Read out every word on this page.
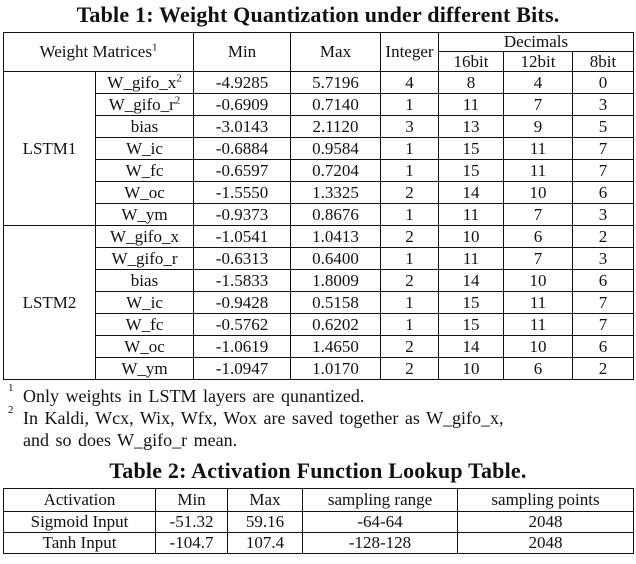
Table 1: Weight Quantization under different Bits.

Weight Matrices$^1$		Min	Max	Integer	Decimals		
					16bit	12bit	8bit
LSTM1	$W\_gifo\_x^2$	-4.9285	5.7196	4	8	4	0
	$W\_gifo\_r^2$	-0.6909	0.7140	1	11	7	3
	bias	-3.0143	2.1120	3	13	9	5
	W_ic	-0.6884	0.9584	1	15	11	7
	W_fc	-0.6597	0.7204	1	15	11	7
	W_oc	-1.5550	1.3325	2	14	10	6
	W_ym	-0.9373	0.8676	1	11	7	3
LSTM2	W_gifo_x	-1.0541	1.0413	2	10	6	2
	W_gifo_r	-0.6313	0.6400	1	11	7	3
	bias	-1.5833	1.8009	2	14	10	6
	W_ic	-0.9428	0.5158	1	15	11	7
	W_fc	-0.5762	0.6202	1	15	11	7
	W_oc	-1.0619	1.4650	2	14	10	6
	W_ym	-1.0947	1.0170	2	10	6	2

1 Only weights in LSTM layers are qunantized.

2 In Kaldi, Wcx, Wix, Wfx, Wox are saved together as W_gifo_x,
and so does W_gifo_r mean.

Table 2: Activation Function Lookup Table.

Activation	Min	Max	sampling range	sampling points
Sigmoid Input	-51.32	59.16	-64-64	2048
Tanh Input	-104.7	107.4	-128-128	2048
